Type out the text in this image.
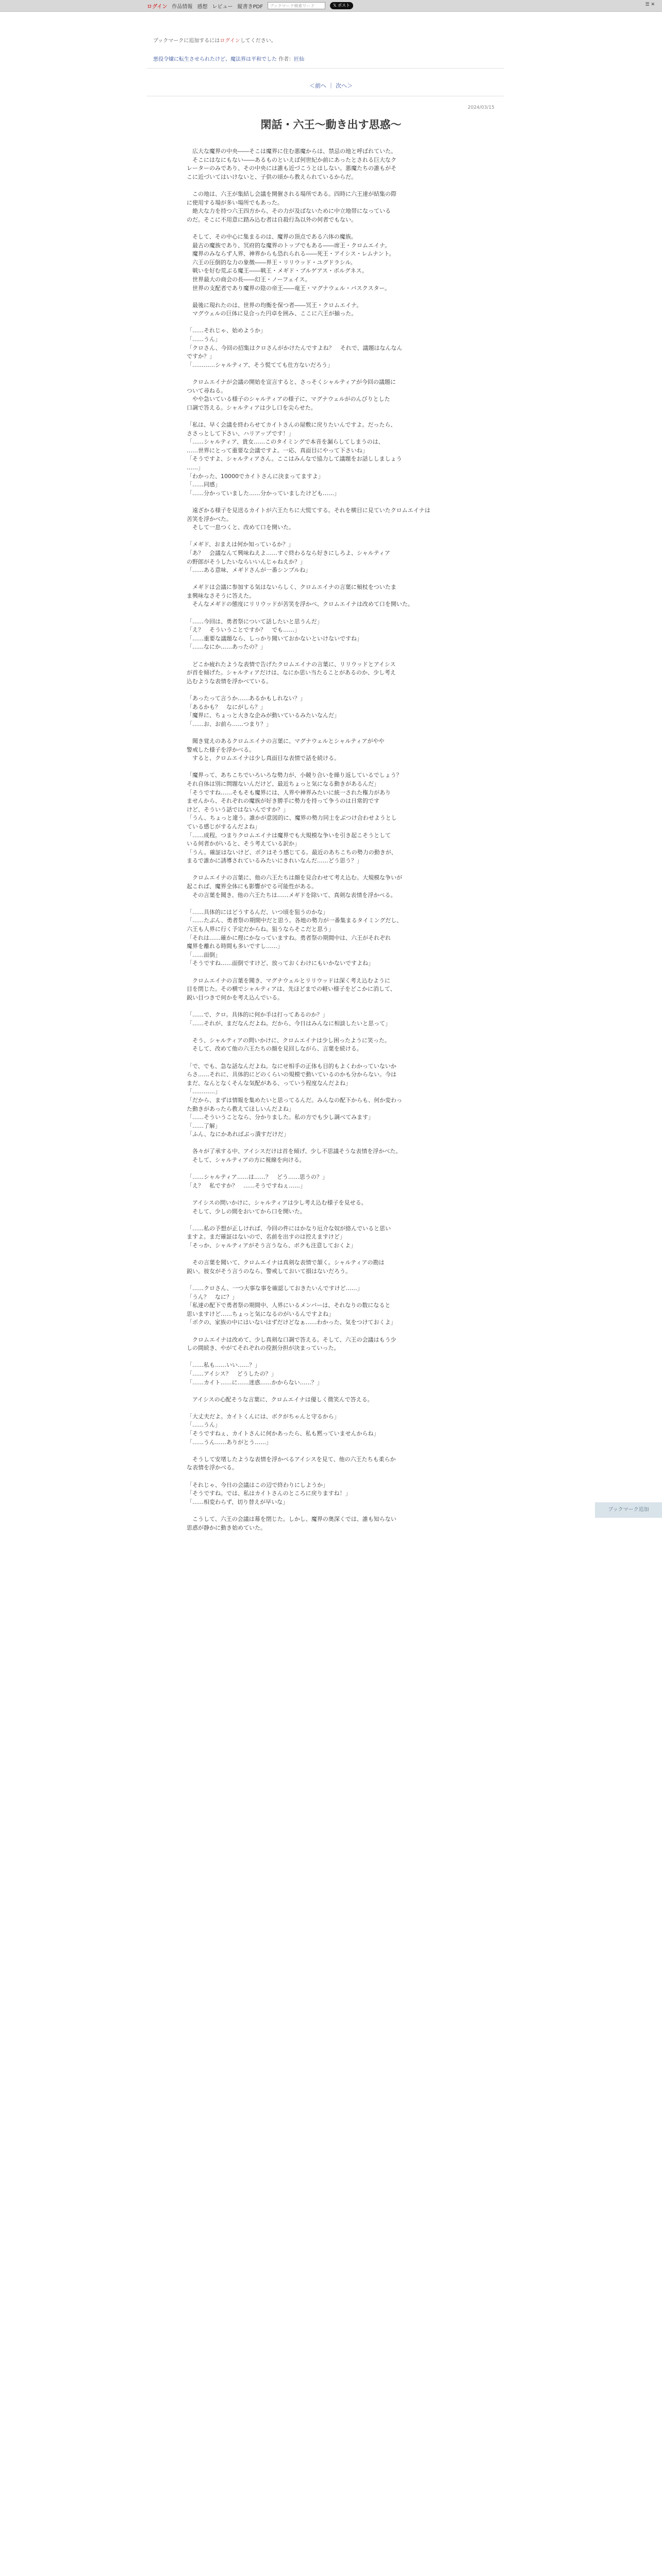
ログイン 作品情報 感想 レビュー 縦書きPDF	ブックマーク検索ワード	𝕏 ポスト	☰ ✕
ブックマークに追加するにはログインしてください。
悪役令嬢に転生させられたけど、魔法界は平和でした 作者：匠仙
＜前へ ｜ 次へ＞
2024/03/15
閑話・六王〜動き出す思惑〜

　広大な魔界の中央――そこは魔界に住む悪魔からは、禁忌の地と呼ばれていた。

　そこにはなにもない――あるものといえば何世紀か前にあったとされる巨大なク

レーターのみであり、その中央には誰も近づこうとはしない。悪魔たちの誰もがそ

こに近づいてはいけないと、子供の頃から教えられているからだ。

　この地は、六王が集結し会議を開催される場所である。四時に六王達が結集の際

に使用する場が多い場所でもあった。

　絶大な力を持つ六王四方から、その力が及ばないために中立地帯になっている

のだ。そこに不用意に踏み込む者は自殺行為以外の何者でもない。

　そして、その中心に集まるのは、魔界の頂点である六体の魔族。

　最古の魔族であり、冥府的な魔界のトップでもある――席王・クロムエイナ。

　魔界のみならず人界、神界からも恐れられる――死王・アイシス・レムナント。

　六王の圧倒的な力の象徴――界王・リリウッド・ユグドラシル。

　戦いを好む荒ぶる魔王――戦王・メギド・ブルゲアス・ボルグネス。

　世界最大の商会の長――幻王・ノーフェイス。

　世界の支配者であり魔界の陰の帝王――竜王・マグナウェル・バスクスター。

　最後に現れたのは、世界の均衡を保つ者――冥王・クロムエイナ。

　マグウェルの巨体に見合った円卓を囲み、ここに六王が揃った。

「……それじゃ、始めようか」

「……うん」

「クロさん、今回の招集はクロさんがかけたんですよね？　それで、議題はなんなん

ですか？」

「…………シャルティア、そう慌てても仕方ないだろう」

　クロムエイナが会議の開始を宣言すると、さっそくシャルティアが今回の議題に

ついて尋ねる。

　やや急いている様子のシャルティアの様子に、マグナウェルがのんびりとした

口調で答える。シャルティアは少し口を尖らせた。

「私は、早く会議を終わらせてカイトさんの屋敷に戻りたいんですよ。だったら、

ささっとして下さい、ハリアップです！」

「……シャルティア、貴女……このタイミングで本音を漏らしてしまうのは、

……世界にとって重要な会議ですよ。一応、真面目にやって下さいね」

「そうですよ、シャルティアさん。ここはみんなで協力して議題をお話ししましょう

……」

「わかった、10000でカイトさんに決まってますよ」

「……同感」

「……分かっていました……分かっていましたけども……」

　遠ざかる様子を見送るカイトが六王たちに大慌てする。それを横目に見ていたクロムエイナは

苦笑を浮かべた。

　そして一息つくと、改めて口を開いた。

「メギド、おまえは何か知っているか？」

「あ？　会議なんて興味ねえよ……すぐ終わるなら好きにしろよ、シャルティア

の野郎がそうしたいならいいんじゃねえか？」

「……ある意味、メギドさんが一番シンプルね」

　メギドは会議に参加する気はないらしく、クロムエイナの言葉に頬杖をついたま

ま興味なさそうに答えた。

　そんなメギドの態度にリリウッドが苦笑を浮かべ、クロムエイナは改めて口を開いた。

「……今回は、勇者祭について話したいと思うんだ」

「え？　そういうことですか？　でも……」

「……重要な議題なら、しっかり聞いておかないといけないですね」

「……なにか……あったの？」

　どこか疲れたような表情で告げたクロムエイナの言葉に、リリウッドとアイシス

が首を傾げた。シャルティアだけは、なにか思い当たることがあるのか、少し考え

込むような表情を浮かべている。

「あったって言うか……あるかもしれない？」

「あるかも？　なにがしら？」

「魔界に、ちょっと大きな企みが動いているみたいなんだ」

「……お、お前ら……つまり？」

　聞き覚えのあるクロムエイナの言葉に、マグナウェルとシャルティアがやや

警戒した様子を浮かべる。

　すると、クロムエイナは少し真面目な表情で話を続ける。

「魔界って、あちこちでいろいろな勢力が、小競り合いを繰り返しているでしょう？

それ自体は別に問題ないんだけど、最近ちょっと気になる動きがあるんだ」

「そうですね……そもそも魔界には、人界や神界みたいに統一された権力があり

ませんから、それぞれの魔族が好き勝手に勢力を持って争うのは日常的です

けど、そういう話ではないんですか？」

「うん、ちょっと違う。誰かが意図的に、魔界の勢力同士をぶつけ合わせようとし

ている感じがするんだよね」

「……成程。つまりクロムエイナは魔界でも大規模な争いを引き起こそうとして

いる何者かがいると、そう考えている訳か」

「うん。確証はないけど、ボクはそう感じてる。最近のあちこちの勢力の動きが、

まるで誰かに誘導されているみたいにきれいなんだ……どう思う？」

　クロムエイナの言葉に、他の六王たちは顔を見合わせて考え込む。大規模な争いが

起これば、魔界全体にも影響がでる可能性がある。

　その言葉を聞き、他の六王たちは……メギドを除いて、真剣な表情を浮かべる。

「……具体的にはどうするんだ、いつ頃を狙うのかな」

「……たぶん、勇者祭の期間中だと思う。各地の勢力が一番集まるタイミングだし、

六王も人界に行く予定だからね。狙うならそこだと思う」

「それは……確かに理にかなっていますね。勇者祭の期間中は、六王がそれぞれ

魔界を離れる時間も多いですし……」

「……面倒」

「そうですね……面倒ですけど、放っておくわけにもいかないですよね」

　クロムエイナの言葉を聞き、マグナウェルとリリウッドは深く考え込むように

目を閉じた。その横でシャルティアは、先ほどまでの軽い様子をどこかに消して、

鋭い目つきで何かを考え込んでいる。

「……で、クロ。具体的に何か手は打ってあるのか？」

「……それが、まだなんだよね。だから、今日はみんなに相談したいと思って」

　そう、シャルティアの問いかけに、クロムエイナは少し困ったように笑った。

　そして、改めて他の六王たちの顔を見回しながら、言葉を続ける。

「で、でも、急な話なんだよね。なにせ相手の正体も目的もよくわかっていないか

らさ……それに、具体的にどのくらいの規模で動いているのかも分からない。今は

まだ、なんとなくそんな気配がある、っていう程度なんだよね」

「…………」

「だから、まずは情報を集めたいと思ってるんだ。みんなの配下からも、何か変わっ

た動きがあったら教えてほしいんだよね」

「……そういうことなら、分かりました。私の方でも少し調べてみます」

「……了解」

「ふん、なにかあればぶっ潰すだけだ」

　各々が了承する中、アイシスだけは首を傾げ、少し不思議そうな表情を浮かべた。

　そして、シャルティアの方に視線を向ける。

「……シャルティア……は……？　どう……思うの？」

「え？　私ですか？　……そうですねぇ……」

　アイシスの問いかけに、シャルティアは少し考え込む様子を見せる。

　そして、少しの間をおいてから口を開いた。

「……私の予想が正しければ、今回の件にはかなり厄介な奴が絡んでいると思い

ますよ。まだ確証はないので、名前を出すのは控えますけど」

「そっか、シャルティアがそう言うなら、ボクも注意しておくよ」

　その言葉を聞いて、クロムエイナは真剣な表情で頷く。シャルティアの勘は

鋭い。彼女がそう言うのなら、警戒しておいて損はないだろう。

「……クロさん、一つ大事な事を確認しておきたいんですけど……」

「うん？　なに？」

「私達の配下で勇者祭の期間中、人界にいるメンバーは、それなりの数になると

思いますけど……ちょっと気になるのがいるんですよね」

「ボクの、家族の中にはいないはずだけどなぁ……わかった、気をつけておくよ」

　クロムエイナは改めて、少し真剣な口調で答える。そして、六王の会議はもう少

しの間続き、やがてそれぞれの役割分担が決まっていった。

「……私も……いい……？」

「……アイシス？　どうしたの？」

「……カイト……に……迷惑……かからない……？」

　アイシスの心配そうな言葉に、クロムエイナは優しく微笑んで答える。

「大丈夫だよ。カイトくんには、ボクがちゃんと守るから」

「……うん」

「そうですねぇ、カイトさんに何かあったら、私も黙っていませんからね」

「……うん……ありがとう……」

　そうして安堵したような表情を浮かべるアイシスを見て、他の六王たちも柔らか

な表情を浮かべる。

「それじゃ、今日の会議はこの辺で終わりにしようか」

「そうですね。では、私はカイトさんのところに戻りますね！」

「……相変わらず、切り替えが早いな」

　こうして、六王の会議は幕を閉じた。しかし、魔界の奥深くでは、誰も知らない

思惑が静かに動き始めていた。

ブックマーク追加
